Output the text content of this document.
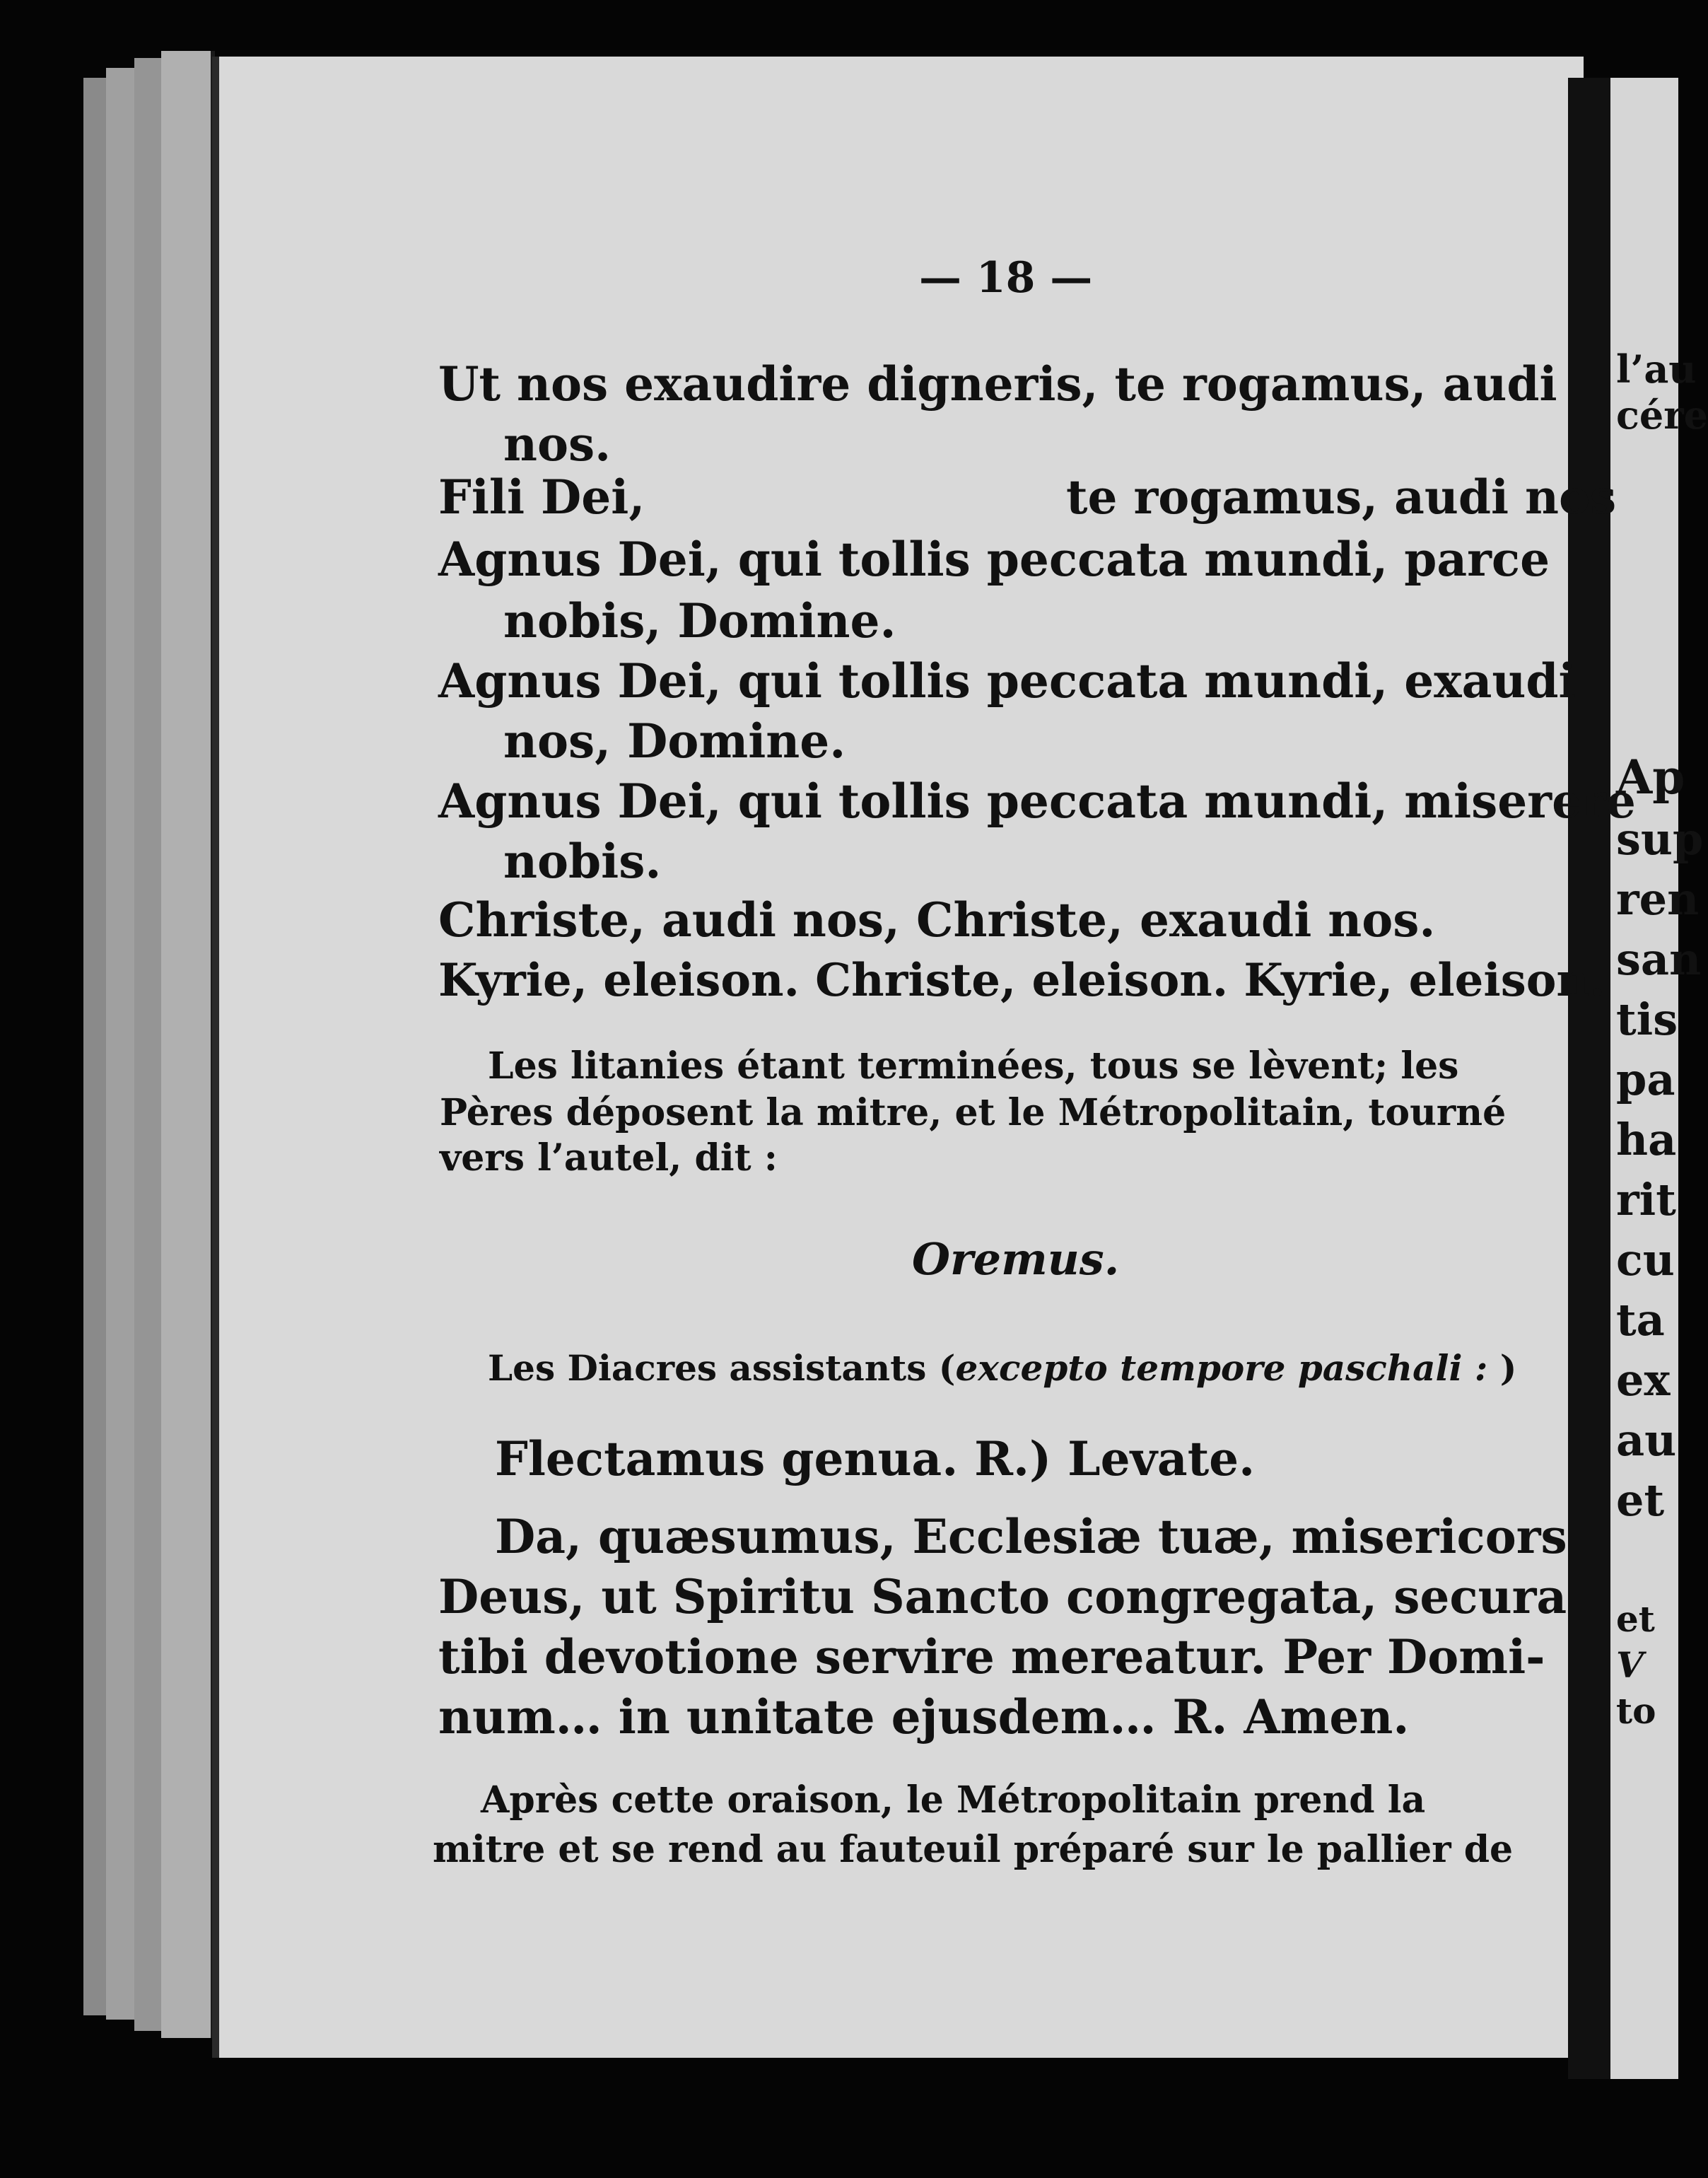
l’au
cére
Ap
sup
ren
san
tis
pa
ha
rit
cu
ta
ex
au
et
et
V
to
— 18 —
Ut nos exaudire digneris, te rogamus, audi
nos.
Fili Dei,	te rogamus, audi nos
Agnus Dei, qui tollis peccata mundi, parce
nobis, Domine.
Agnus Dei, qui tollis peccata mundi, exaudi
nos, Domine.
Agnus Dei, qui tollis peccata mundi, miserere
nobis.
Christe, audi nos, Christe, exaudi nos.
Kyrie, eleison. Christe, eleison. Kyrie, eleison.
Les litanies étant terminées, tous se lèvent; les
Pères déposent la mitre, et le Métropolitain, tourné
vers l’autel, dit :
Oremus.
Les Diacres assistants (excepto tempore paschali : )
Flectamus genua. R.) Levate.
Da, quæsumus, Ecclesiæ tuæ, misericors
Deus, ut Spiritu Sancto congregata, secura
tibi devotione servire mereatur. Per Domi-
num… in unitate ejusdem… R. Amen.
Après cette oraison, le Métropolitain prend la
mitre et se rend au fauteuil préparé sur le pallier de
